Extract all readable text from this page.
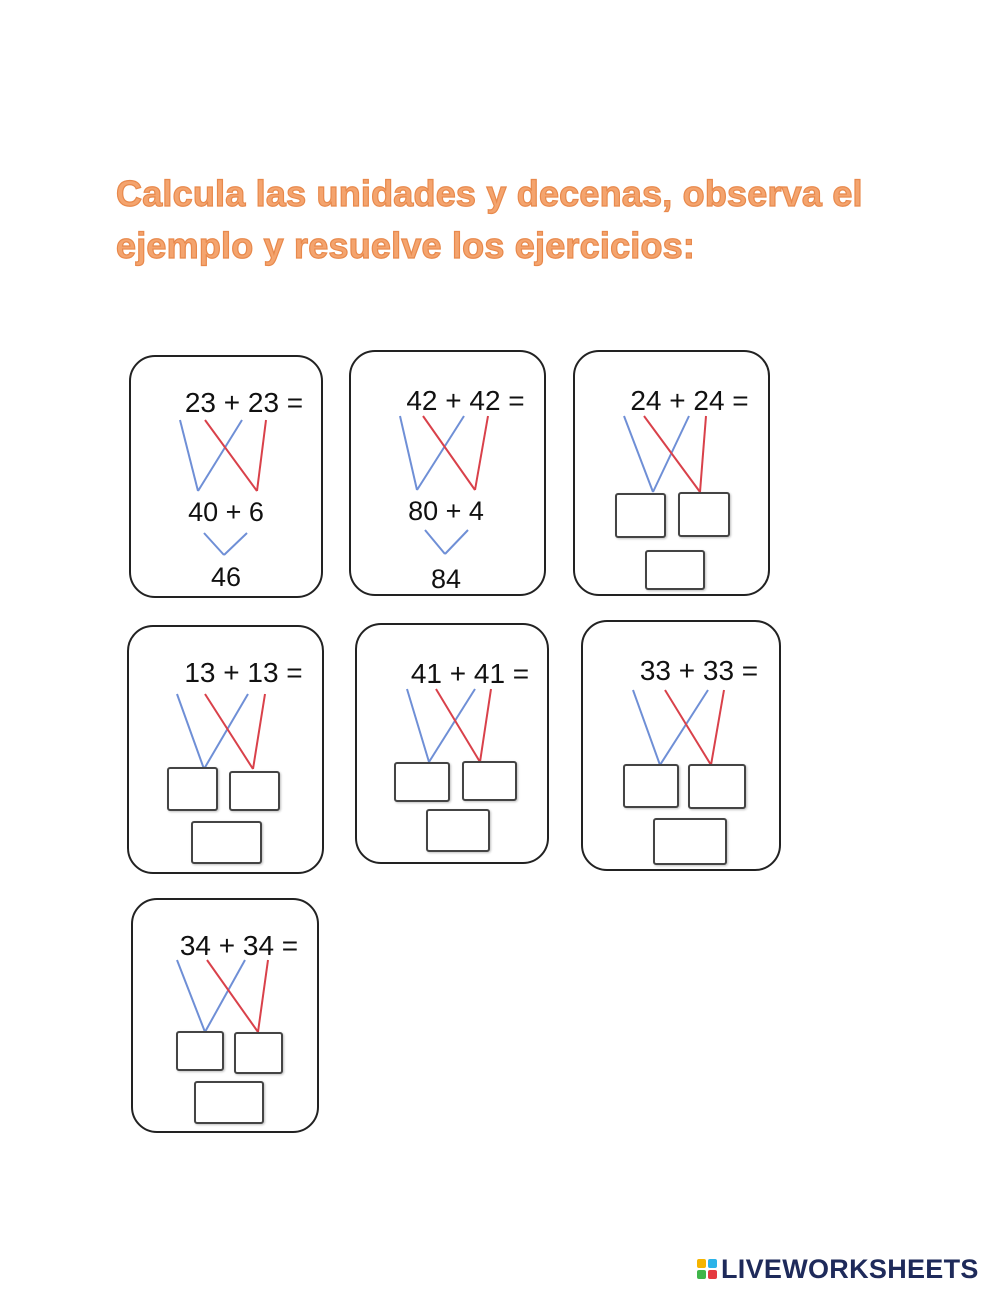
Calcula las unidades y decenas, observa el
ejemplo y resuelve los ejercicios:
23 + 23 =
40 + 6
46
42 + 42 =
80 + 4
84
24 + 24 =
13 + 13 =	41 + 41 =	33 + 33 =
34 + 34 =
LIVEWORKSHEETS
